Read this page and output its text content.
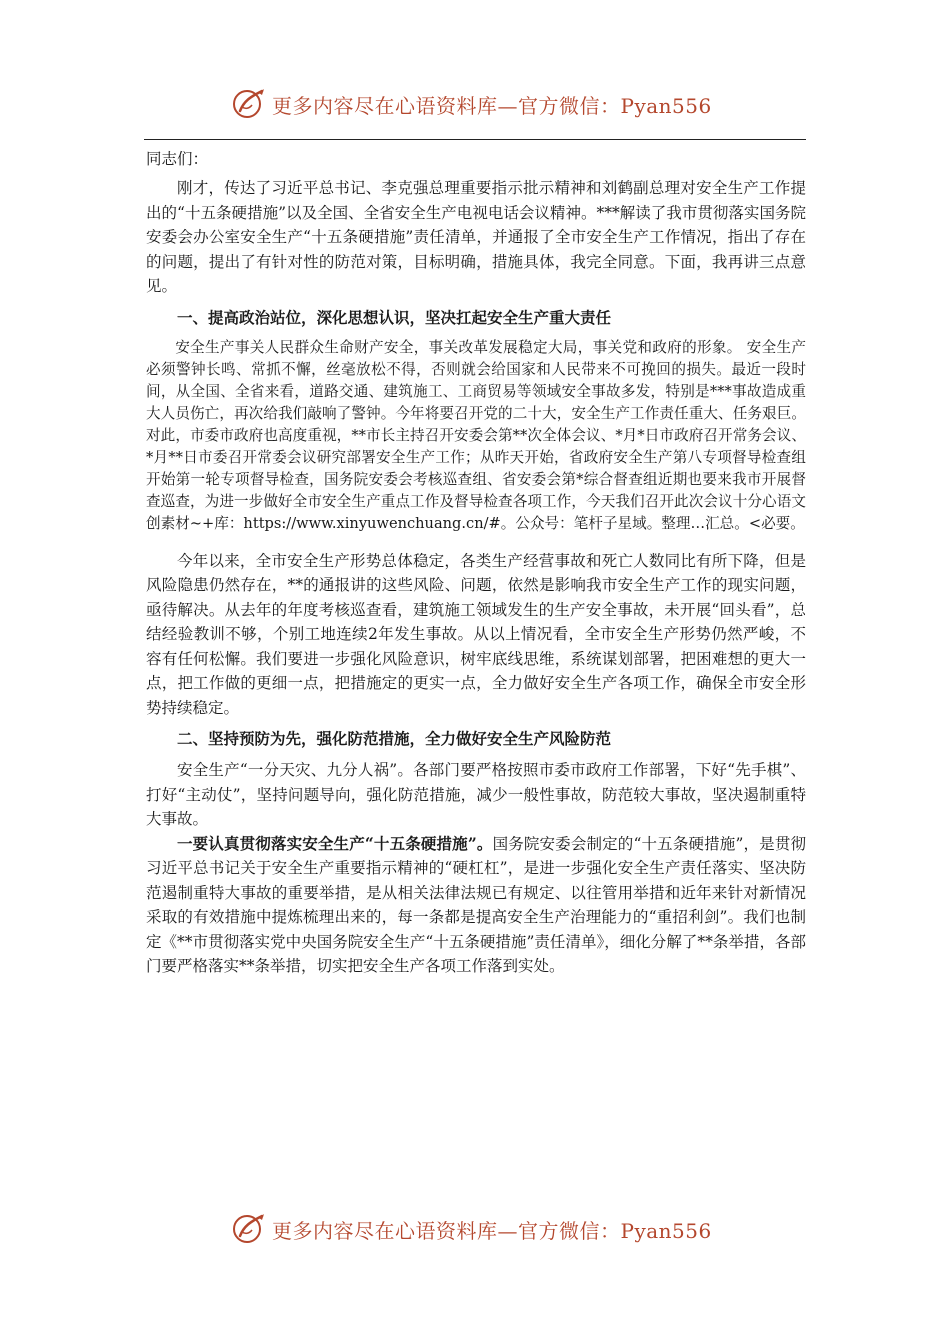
更多内容尽在心语资料库—官方微信：Pyan556

同志们：

刚才，传达了习近平总书记、李克强总理重要指示批示精神和刘鹤副总理对安全生产工作提出的“十五条硬措施”以及全国、全省安全生产电视电话会议精神。***解读了我市贯彻落实国务院安委会办公室安全生产“十五条硬措施”责任清单，并通报了全市安全生产工作情况，指出了存在的问题，提出了有针对性的防范对策，目标明确，措施具体，我完全同意。下面，我再讲三点意见。

一、提高政治站位，深化思想认识，坚决扛起安全生产重大责任

安全生产事关人民群众生命财产安全，事关改革发展稳定大局，事关党和政府的形象。 安全生产必须警钟长鸣、常抓不懈，丝毫放松不得，否则就会给国家和人民带来不可挽回的损失。最近一段时间，从全国、全省来看，道路交通、建筑施工、工商贸易等领域安全事故多发，特别是***事故造成重大人员伤亡，再次给我们敲响了警钟。今年将要召开党的二十大，安全生产工作责任重大、任务艰巨。对此，市委市政府也高度重视，**市长主持召开安委会第**次全体会议、*月*日市政府召开常务会议、*月**日市委召开常委会议研究部署安全生产工作；从昨天开始，省政府安全生产第八专项督导检查组开始第一轮专项督导检查，国务院安委会考核巡查组、省安委会第*综合督查组近期也要来我市开展督查巡查，为进一步做好全市安全生产重点工作及督导检查各项工作，今天我们召开此次会议十分心语文创素材~+库：https://www.xinyuwenchuang.cn/#。公众号：笔杆子星域。整理…汇总。<必要。

今年以来，全市安全生产形势总体稳定，各类生产经营事故和死亡人数同比有所下降，但是风险隐患仍然存在，**的通报讲的这些风险、问题，依然是影响我市安全生产工作的现实问题，亟待解决。从去年的年度考核巡查看，建筑施工领域发生的生产安全事故，未开展“回头看”，总结经验教训不够，个别工地连续2年发生事故。从以上情况看，全市安全生产形势仍然严峻，不容有任何松懈。我们要进一步强化风险意识，树牢底线思维，系统谋划部署，把困难想的更大一点，把工作做的更细一点，把措施定的更实一点，全力做好安全生产各项工作，确保全市安全形势持续稳定。

二、坚持预防为先，强化防范措施，全力做好安全生产风险防范

安全生产“一分天灾、九分人祸”。各部门要严格按照市委市政府工作部署，下好“先手棋”、打好“主动仗”，坚持问题导向，强化防范措施，减少一般性事故，防范较大事故，坚决遏制重特大事故。

一要认真贯彻落实安全生产“十五条硬措施”。国务院安委会制定的“十五条硬措施”，是贯彻习近平总书记关于安全生产重要指示精神的“硬杠杠”，是进一步强化安全生产责任落实、坚决防范遏制重特大事故的重要举措，是从相关法律法规已有规定、以往管用举措和近年来针对新情况采取的有效措施中提炼梳理出来的，每一条都是提高安全生产治理能力的“重招利剑”。我们也制定《**市贯彻落实党中央国务院安全生产“十五条硬措施”责任清单》，细化分解了**条举措，各部门要严格落实**条举措，切实把安全生产各项工作落到实处。

更多内容尽在心语资料库—官方微信：Pyan556
